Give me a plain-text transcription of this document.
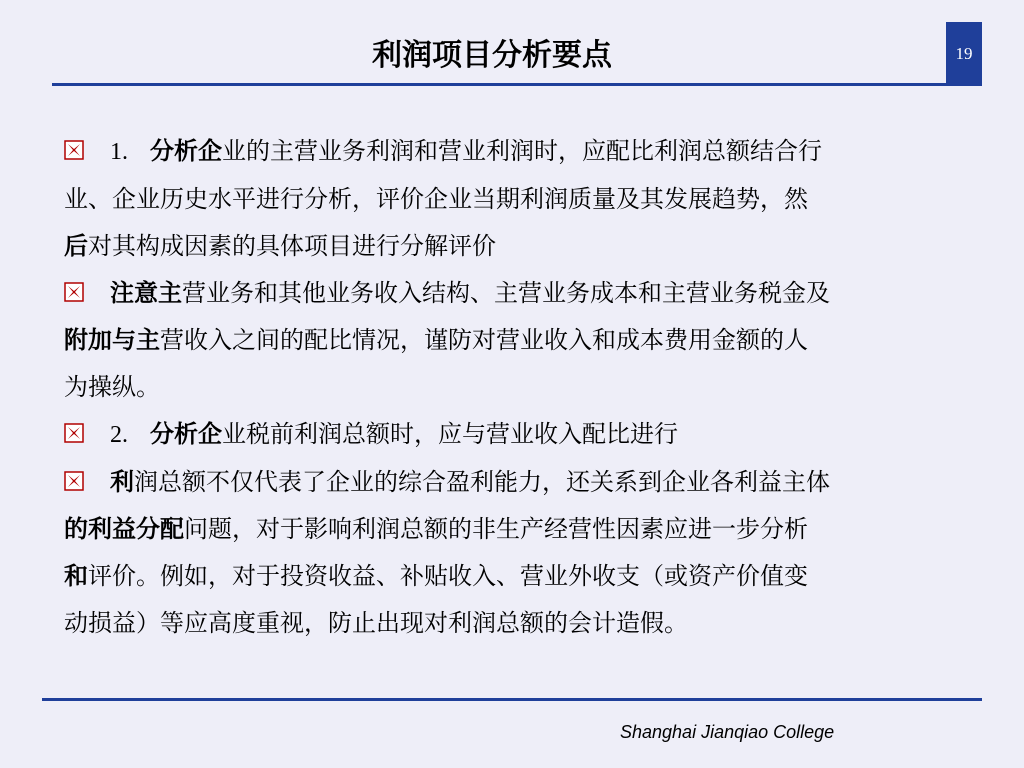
利润项目分析要点	19
1. 分析企业的主营业务利润和营业利润时，应配比利润总额结合行
业、企业历史水平进行分析，评价企业当期利润质量及其发展趋势，然
后对其构成因素的具体项目进行分解评价
注意主营业务和其他业务收入结构、主营业务成本和主营业务税金及
附加与主营收入之间的配比情况，谨防对营业收入和成本费用金额的人
为操纵。
2. 分析企业税前利润总额时，应与营业收入配比进行
利润总额不仅代表了企业的综合盈利能力，还关系到企业各利益主体
的利益分配问题，对于影响利润总额的非生产经营性因素应进一步分析
和评价。例如，对于投资收益、补贴收入、营业外收支（或资产价值变
动损益）等应高度重视，防止出现对利润总额的会计造假。
Shanghai Jianqiao College
